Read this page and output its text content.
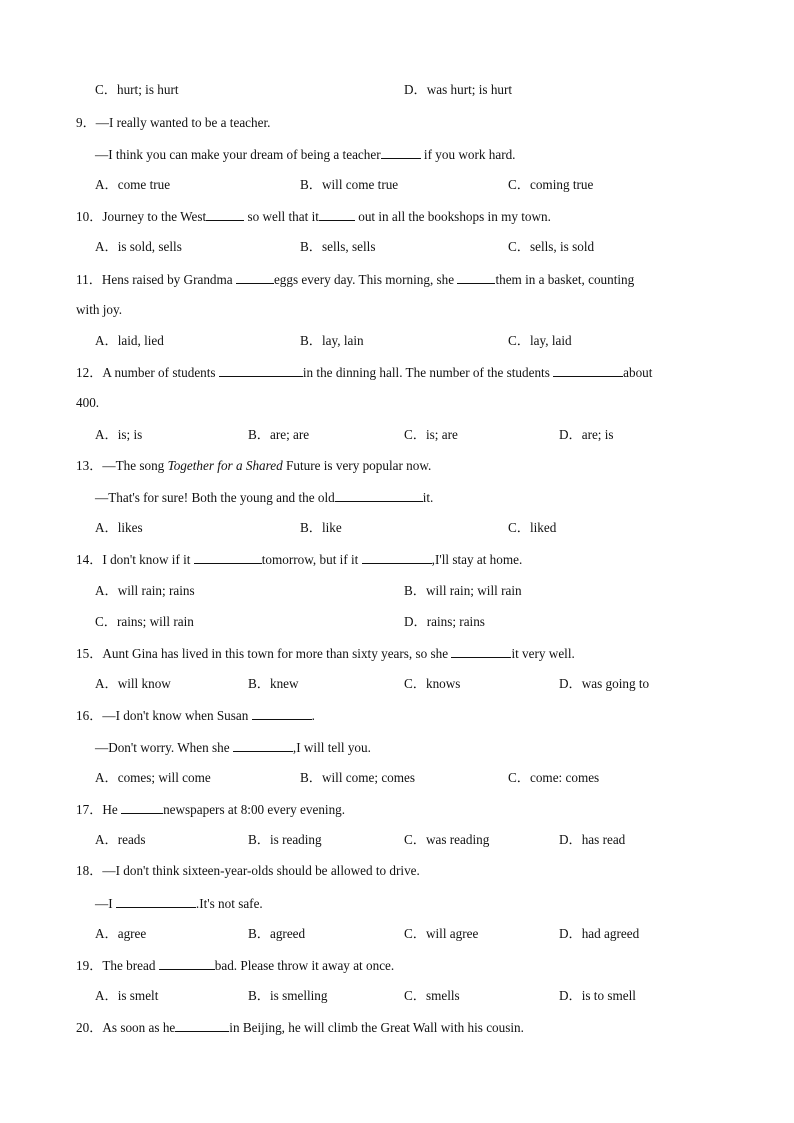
C．hurt; is hurt	D．was hurt; is hurt
9．—I really wanted to be a teacher.
—I think you can make your dream of being a teacher	if you work hard.
A．come true	B．will come true	C．coming true
10．Journey to the West	so well that it	out in all the bookshops in my town.
A．is sold, sells	B．sells, sells	C．sells, is sold
11．Hens raised by Grandma	eggs every day. This morning, she	them in a basket, counting
with joy.
A．laid, lied	B．lay, lain	C．lay, laid
12．A number of students	in the dinning hall. The number of the students	about
400.
A．is; is	B．are; are	C．is; are	D．are; is
13．—The song Together for a Shared Future is very popular now.
—That's for sure! Both the young and the old	it.
A．likes	B．like	C．liked
14．I don't know if it	tomorrow, but if it	,I'll stay at home.
A．will rain; rains	B．will rain; will rain
C．rains; will rain	D．rains; rains
15．Aunt Gina has lived in this town for more than sixty years, so she	it very well.
A．will know	B．knew	C．knows	D．was going to
16．—I don't know when Susan	.
—Don't worry. When she	,I will tell you.
A．comes; will come	B．will come; comes	C．come: comes
17．He	newspapers at 8:00 every evening.
A．reads	B．is reading	C．was reading	D．has read
18．—I don't think sixteen-year-olds should be allowed to drive.
—I	.It's not safe.
A．agree	B．agreed	C．will agree	D．had agreed
19．The bread	bad. Please throw it away at once.
A．is smelt	B．is smelling	C．smells	D．is to smell
20．As soon as he	in Beijing, he will climb the Great Wall with his cousin.
